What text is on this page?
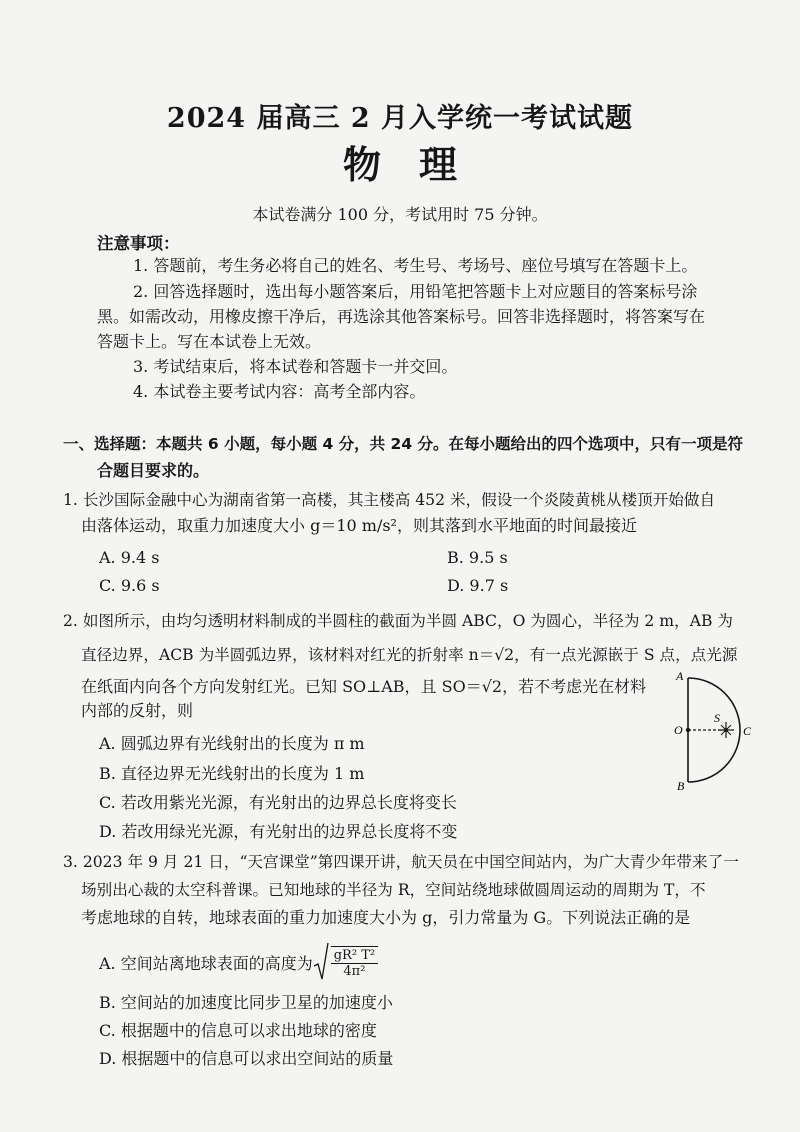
2024 届高三 2 月入学统一考试试题
物理
本试卷满分 100 分，考试用时 75 分钟。
注意事项：
1. 答题前，考生务必将自己的姓名、考生号、考场号、座位号填写在答题卡上。
2. 回答选择题时，选出每小题答案后，用铅笔把答题卡上对应题目的答案标号涂
黑。如需改动，用橡皮擦干净后，再选涂其他答案标号。回答非选择题时，将答案写在
答题卡上。写在本试卷上无效。
3. 考试结束后，将本试卷和答题卡一并交回。
4. 本试卷主要考试内容：高考全部内容。
一、选择题：本题共 6 小题，每小题 4 分，共 24 分。在每小题给出的四个选项中，只有一项是符
合题目要求的。
1. 长沙国际金融中心为湖南省第一高楼，其主楼高 452 米，假设一个炎陵黄桃从楼顶开始做自
由落体运动，取重力加速度大小 g＝10 m/s²，则其落到水平地面的时间最接近
A. 9.4 s	B. 9.5 s
C. 9.6 s	D. 9.7 s
2. 如图所示，由均匀透明材料制成的半圆柱的截面为半圆 ABC，O 为圆心，半径为 2 m，AB 为
直径边界，ACB 为半圆弧边界，该材料对红光的折射率 n＝√2，有一点光源嵌于 S 点，点光源
在纸面内向各个方向发射红光。已知 SO⊥AB，且 SO＝√2，若不考虑光在材料
内部的反射，则
A. 圆弧边界有光线射出的长度为 π m
B. 直径边界无光线射出的长度为 1 m
C. 若改用紫光光源，有光射出的边界总长度将变长
D. 若改用绿光光源，有光射出的边界总长度将不变
A
O
B
C
S
3. 2023 年 9 月 21 日，“天宫课堂”第四课开讲，航天员在中国空间站内，为广大青少年带来了一
场别出心裁的太空科普课。已知地球的半径为 R，空间站绕地球做圆周运动的周期为 T，不
考虑地球的自转，地球表面的重力加速度大小为 g，引力常量为 G。下列说法正确的是
A. 空间站离地球表面的高度为 $\frac{\text{gR² T²}}{\text{4π²}}$
B. 空间站的加速度比同步卫星的加速度小
C. 根据题中的信息可以求出地球的密度
D. 根据题中的信息可以求出空间站的质量
